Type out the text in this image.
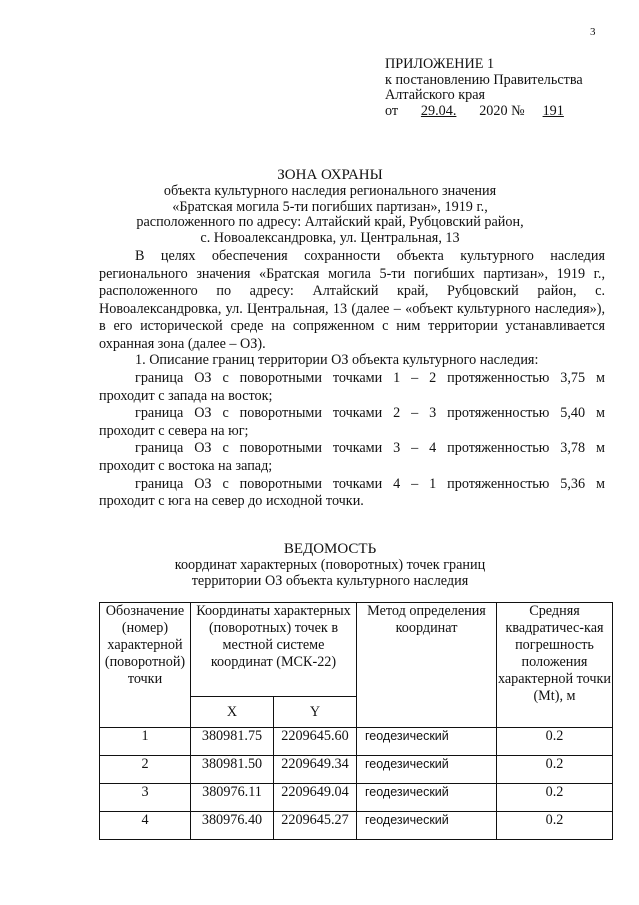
3
ПРИЛОЖЕНИЕ 1
к постановлению Правительства
Алтайского края
от 29.04. 2020 № 191
ЗОНА ОХРАНЫ
объекта культурного наследия регионального значения
«Братская могила 5-ти погибших партизан», 1919 г.,
расположенного по адресу: Алтайский край, Рубцовский район,
с. Новоалександровка, ул. Центральная, 13
В целях обеспечения сохранности объекта культурного наследия регионального значения «Братская могила 5-ти погибших партизан», 1919 г., расположенного по адресу: Алтайский край, Рубцовский район, с. Новоалександровка, ул. Центральная, 13 (далее – «объект культурного наследия»), в его исторической среде на сопряженном с ним территории устанавливается охранная зона (далее – ОЗ).
1. Описание границ территории ОЗ объекта культурного наследия:
граница ОЗ с поворотными точками 1 – 2 протяженностью 3,75 м
проходит с запада на восток;
граница ОЗ с поворотными точками 2 – 3 протяженностью 5,40 м
проходит с севера на юг;
граница ОЗ с поворотными точками 3 – 4 протяженностью 3,78 м
проходит с востока на запад;
граница ОЗ с поворотными точками 4 – 1 протяженностью 5,36 м
проходит с юга на север до исходной точки.
ВЕДОМОСТЬ
координат характерных (поворотных) точек границ
территории ОЗ объекта культурного наследия
Обозначение (номер) характерной (поворотной) точки	Координаты характерных (поворотных) точек в местной системе координат (МСК-22)		Метод определения координат	Средняя квадратичес-кая погрешность положения характерной точки (Mt), м
	X	Y		
1	380981.75	2209645.60	геодезический	0.2
2	380981.50	2209649.34	геодезический	0.2
3	380976.11	2209649.04	геодезический	0.2
4	380976.40	2209645.27	геодезический	0.2
